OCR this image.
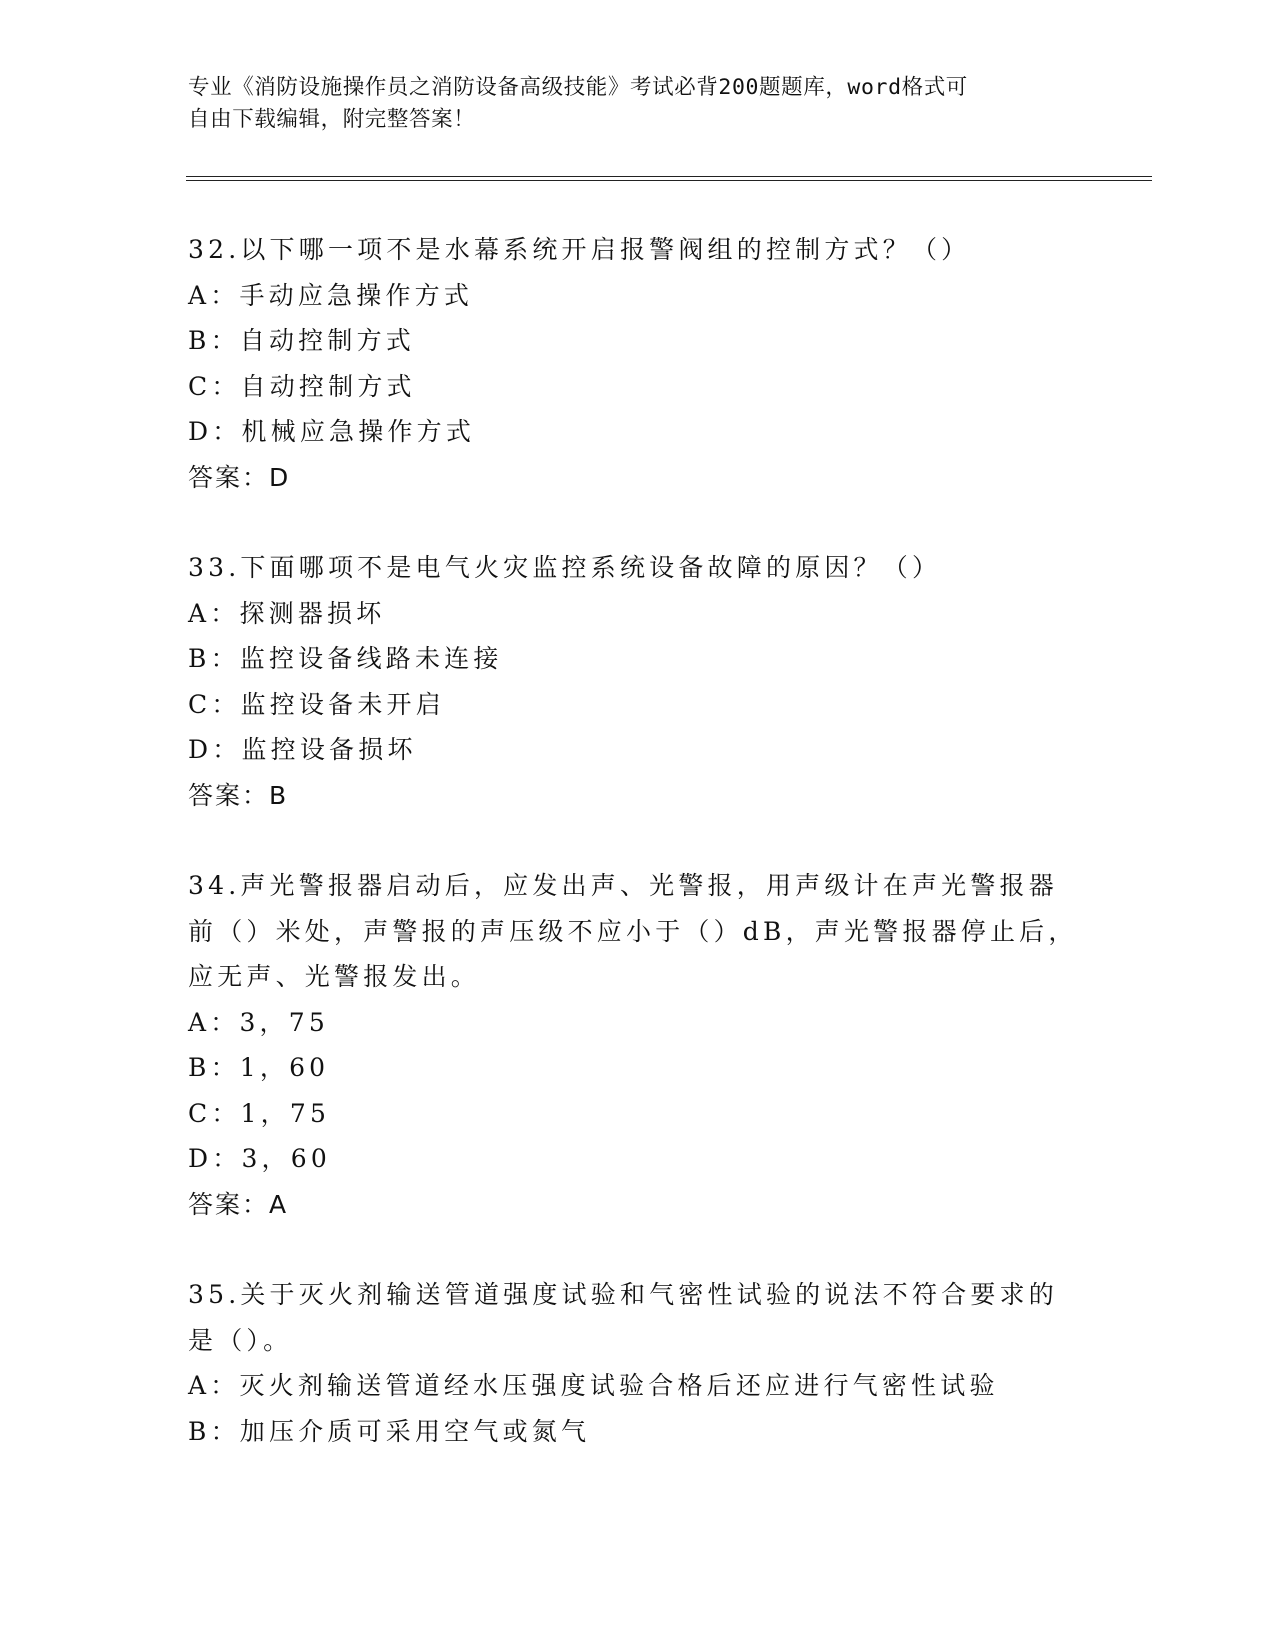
专业《消防设施操作员之消防设备高级技能》考试必背200题题库，word格式可
自由下载编辑，附完整答案！
32.以下哪一项不是水幕系统开启报警阀组的控制方式？（）
A：手动应急操作方式
B：自动控制方式
C：自动控制方式
D：机械应急操作方式
答案：D
33.下面哪项不是电气火灾监控系统设备故障的原因？（）
A：探测器损坏
B：监控设备线路未连接
C：监控设备未开启
D：监控设备损坏
答案：B
34.声光警报器启动后，应发出声、光警报，用声级计在声光警报器前（）米处，声警报的声压级不应小于（）dB，声光警报器停止后，应无声、光警报发出。
A：3，75
B：1，60
C：1，75
D：3，60
答案：A
35.关于灭火剂输送管道强度试验和气密性试验的说法不符合要求的是（）。
A：灭火剂输送管道经水压强度试验合格后还应进行气密性试验
B：加压介质可采用空气或氮气
